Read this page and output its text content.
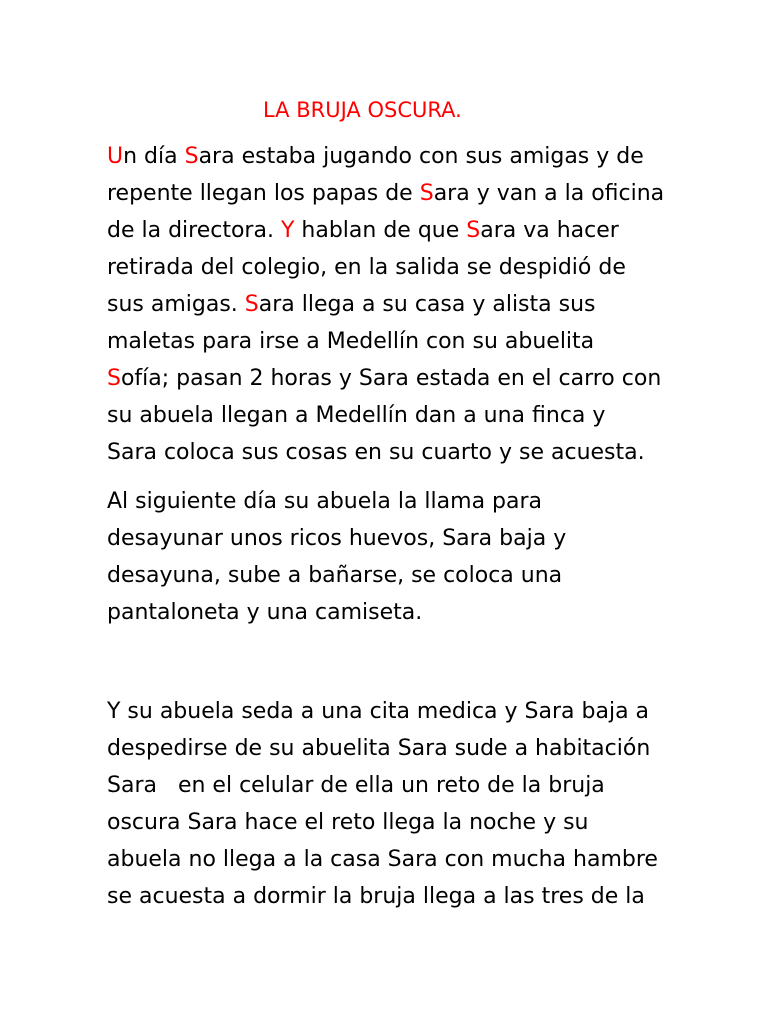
LA BRUJA OSCURA.
Un día Sara estaba jugando con sus amigas y de
repente llegan los papas de Sara y van a la oficina
de la directora. Y hablan de que Sara va hacer
retirada del colegio, en la salida se despidió de
sus amigas. Sara llega a su casa y alista sus
maletas para irse a Medellín con su abuelita
Sofía; pasan 2 horas y Sara estada en el carro con
su abuela llegan a Medellín dan a una finca y
Sara coloca sus cosas en su cuarto y se acuesta.
Al siguiente día su abuela la llama para
desayunar unos ricos huevos, Sara baja y
desayuna, sube a bañarse, se coloca una
pantaloneta y una camiseta.
Y su abuela seda a una cita medica y Sara baja a
despedirse de su abuelita Sara sude a habitación
Sara   en el celular de ella un reto de la bruja
oscura Sara hace el reto llega la noche y su
abuela no llega a la casa Sara con mucha hambre
se acuesta a dormir la bruja llega a las tres de la
